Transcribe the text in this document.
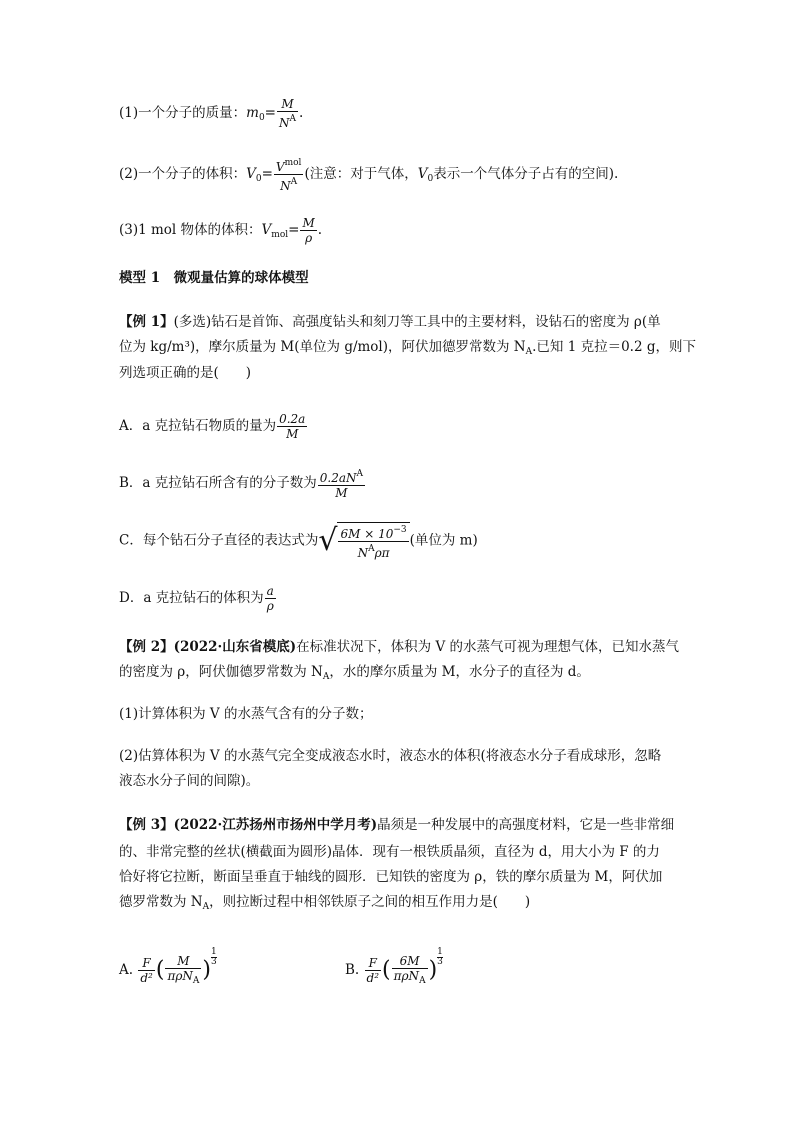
(1)一个分子的质量：$m_0= \frac{M}{N^A}$ .
(2)一个分子的体积：$V_0= \frac{V^{mol}}{N^A}$ (注意：对于气体，$V_0$表示一个气体分子占有的空间).
(3)1 mol 物体的体积：$V_{mol}= \frac{M}{\rho}$ .
模型 1　微观量估算的球体模型
【例 1】(多选)钻石是首饰、高强度钻头和刻刀等工具中的主要材料，设钻石的密度为 ρ(单
位为 kg/m³)，摩尔质量为 M(单位为 g/mol)，阿伏加德罗常数为 $N_A$.已知 1 克拉＝0.2 g，则下
列选项正确的是(　　)
A．a 克拉钻石物质的量为 $\frac{0.2a}{M}$
B．a 克拉钻石所含有的分子数为 $\frac{0.2aN^A}{M}$
C．每个钻石分子直径的表达式为√ $\frac{6M \times 10^{-3}}{N^A\rho\pi}$ (单位为 m)
D．a 克拉钻石的体积为 $\frac{a}{\rho}$
【例 2】(2022·山东省模底)在标准状况下，体积为 V 的水蒸气可视为理想气体，已知水蒸气
的密度为 ρ，阿伏伽德罗常数为 $N_A$，水的摩尔质量为 M，水分子的直径为 d。
(1)计算体积为 V 的水蒸气含有的分子数；
(2)估算体积为 V 的水蒸气完全变成液态水时，液态水的体积(将液态水分子看成球形，忽略
液态水分子间的间隙)。
【例 3】(2022·江苏扬州市扬州中学月考)晶须是一种发展中的高强度材料，它是一些非常细
的、非常完整的丝状(横截面为圆形)晶体．现有一根铁质晶须，直径为 d，用大小为 F 的力
恰好将它拉断，断面呈垂直于轴线的圆形．已知铁的密度为 ρ，铁的摩尔质量为 M，阿伏加
德罗常数为 $N_A$，则拉断过程中相邻铁原子之间的相互作用力是(　　)
A. $\frac{F}{\text{d²}}$ ( $\frac{M}{\pi\rho N_A}$ ) $\frac{1}{3}$
B. $\frac{F}{\text{d²}}$ ( $\frac{6M}{\pi\rho N_A}$ ) $\frac{1}{3}$
